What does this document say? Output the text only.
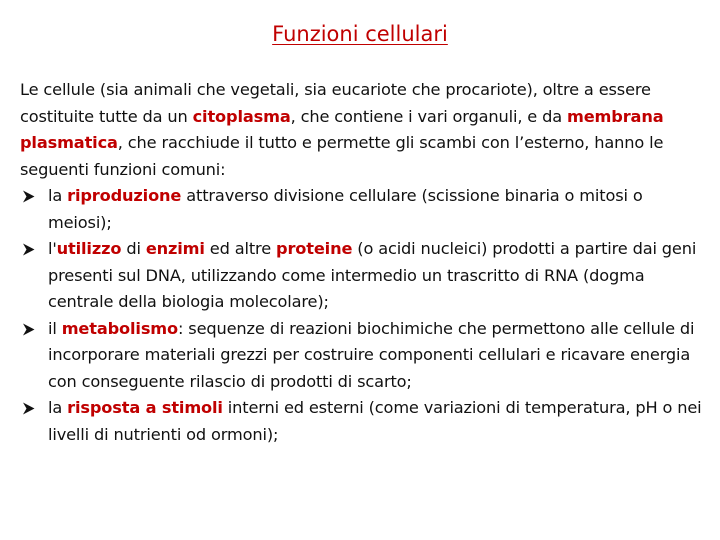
Funzioni cellulari

Le cellule (sia animali che vegetali, sia eucariote che procariote), oltre a essere costituite tutte da un citoplasma, che contiene i vari organuli, e da membrana plasmatica, che racchiude il tutto e permette gli scambi con l’esterno, hanno le seguenti funzioni comuni:

la riproduzione attraverso divisione cellulare (scissione binaria o mitosi o meiosi);
l'utilizzo di enzimi ed altre proteine (o acidi nucleici) prodotti a partire dai geni presenti sul DNA, utilizzando come intermedio un trascritto di RNA (dogma centrale della biologia molecolare);
il metabolismo: sequenze di reazioni biochimiche che permettono alle cellule di incorporare materiali grezzi per costruire componenti cellulari e ricavare energia con conseguente rilascio di prodotti di scarto;
la risposta a stimoli interni ed esterni (come variazioni di temperatura, pH o nei livelli di nutrienti od ormoni);
